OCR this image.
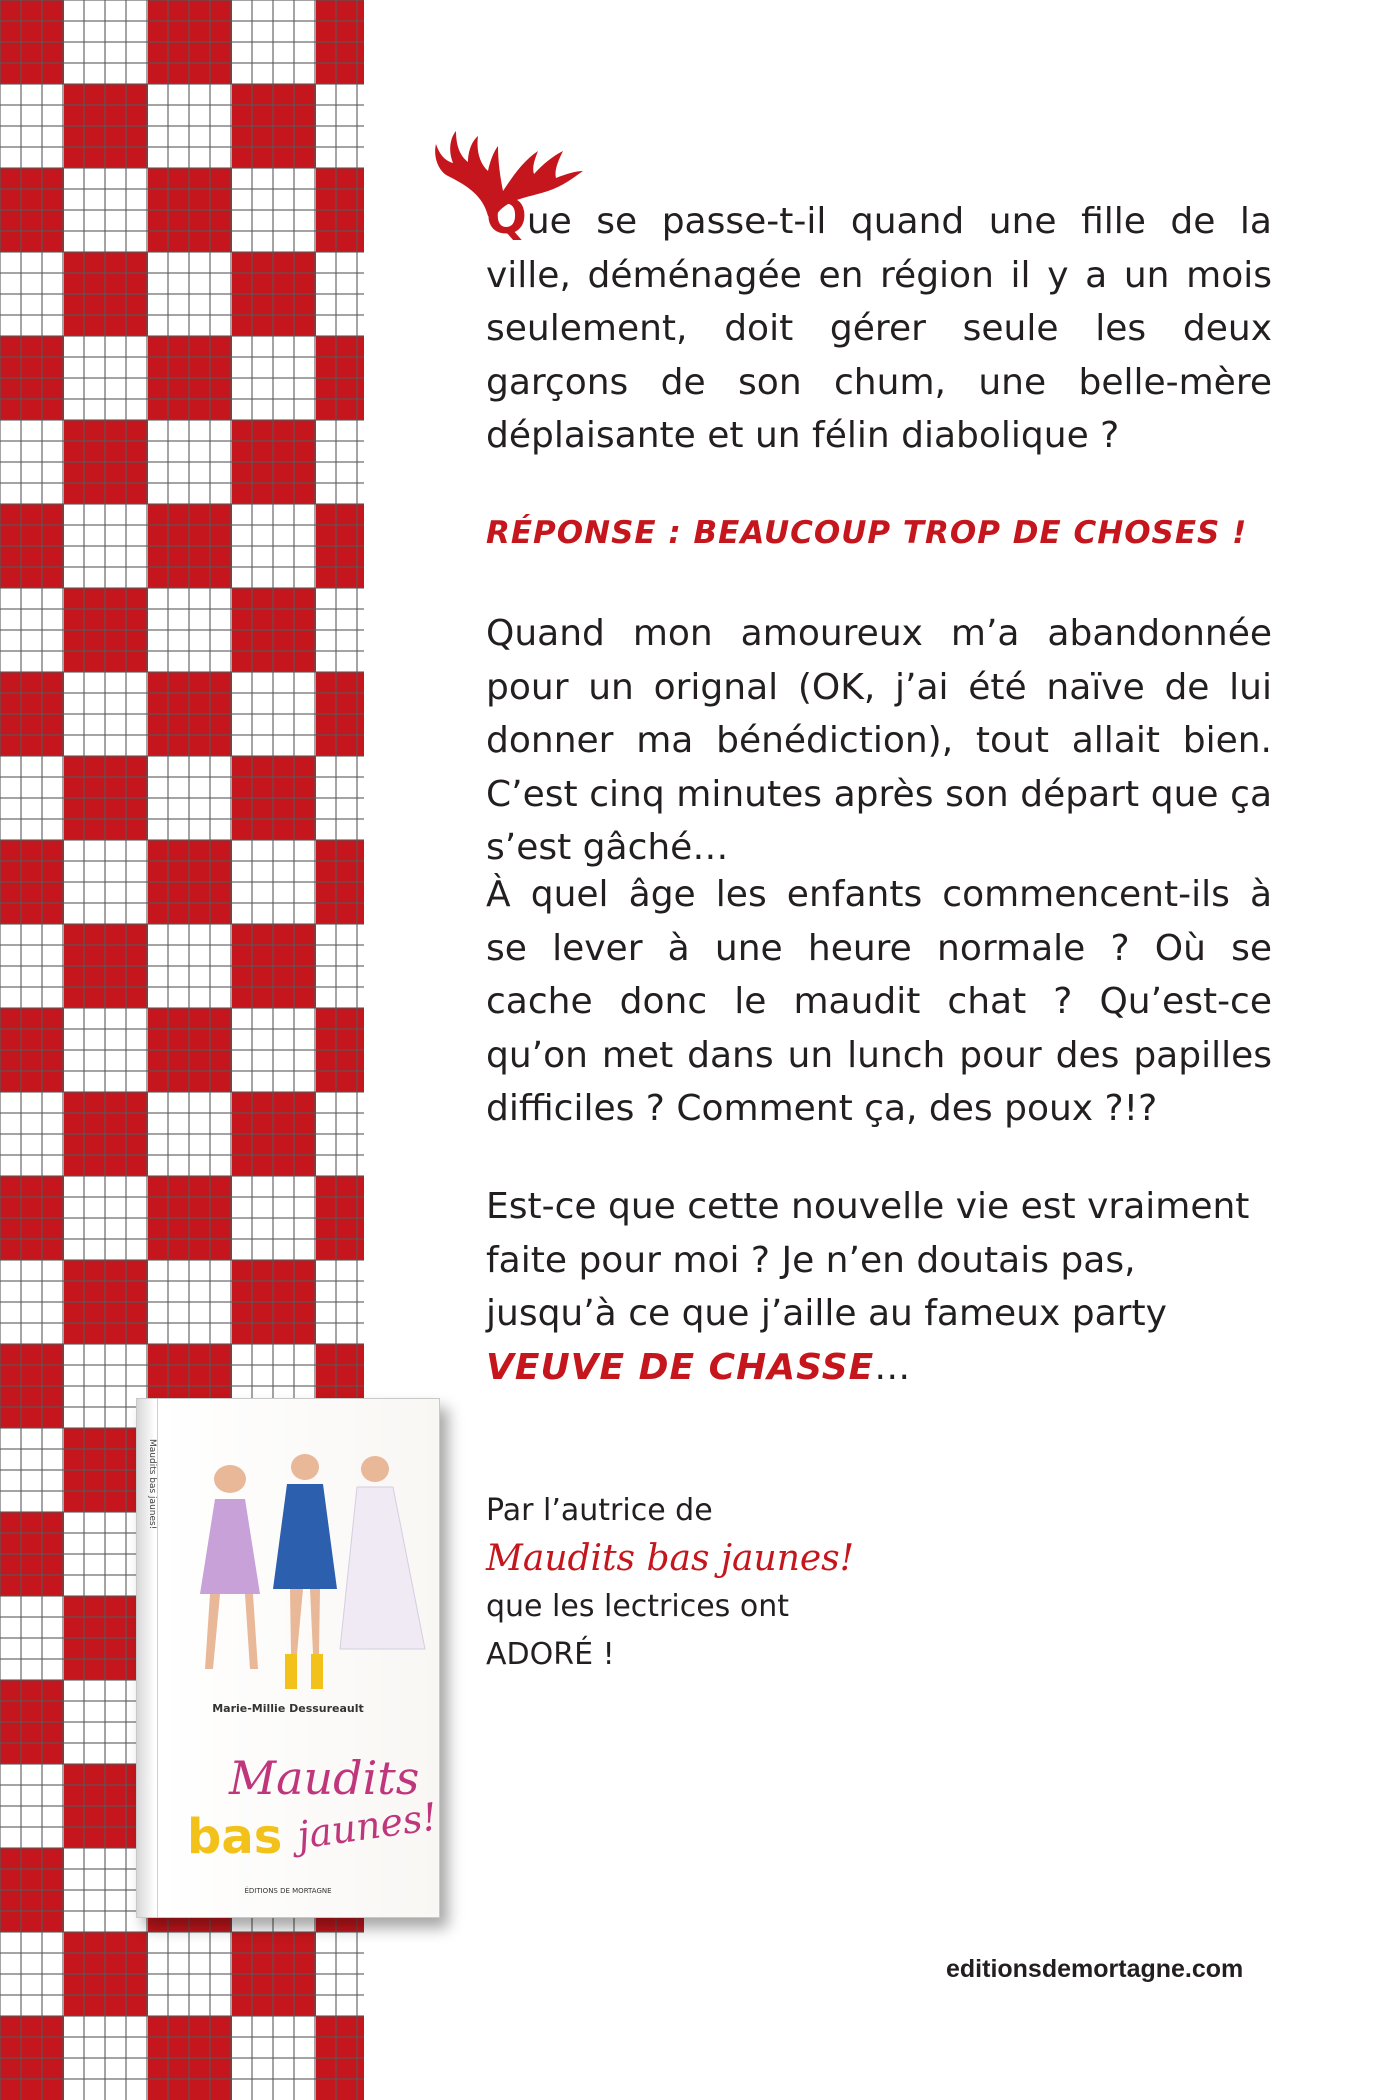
Que se passe-t-il quand une fille de la ville, déménagée en région il y a un mois seulement, doit gérer seule les deux garçons de son chum, une belle-mère déplaisante et un félin diabolique ?
RÉPONSE : BEAUCOUP TROP DE CHOSES !
Quand mon amoureux m’a abandonnée pour un orignal (OK, j’ai été naïve de lui donner ma bénédiction), tout allait bien. C’est cinq minutes après son départ que ça s’est gâché…
À quel âge les enfants commencent-ils à se lever à une heure normale ? Où se cache donc le maudit chat ? Qu’est-ce qu’on met dans un lunch pour des papilles difficiles ? Comment ça, des poux ?!?
Est-ce que cette nouvelle vie est vraiment faite pour moi ? Je n’en doutais pas, jusqu’à ce que j’aille au fameux party VEUVE DE CHASSE…
Maudits bas jaunes!
Marie-Millie Dessureault
Maudits
bas jaunes!
ÉDITIONS DE MORTAGNE
Par l’autrice de
Maudits bas jaunes!
que les lectrices ont
ADORÉ !
editionsdemortagne.com
